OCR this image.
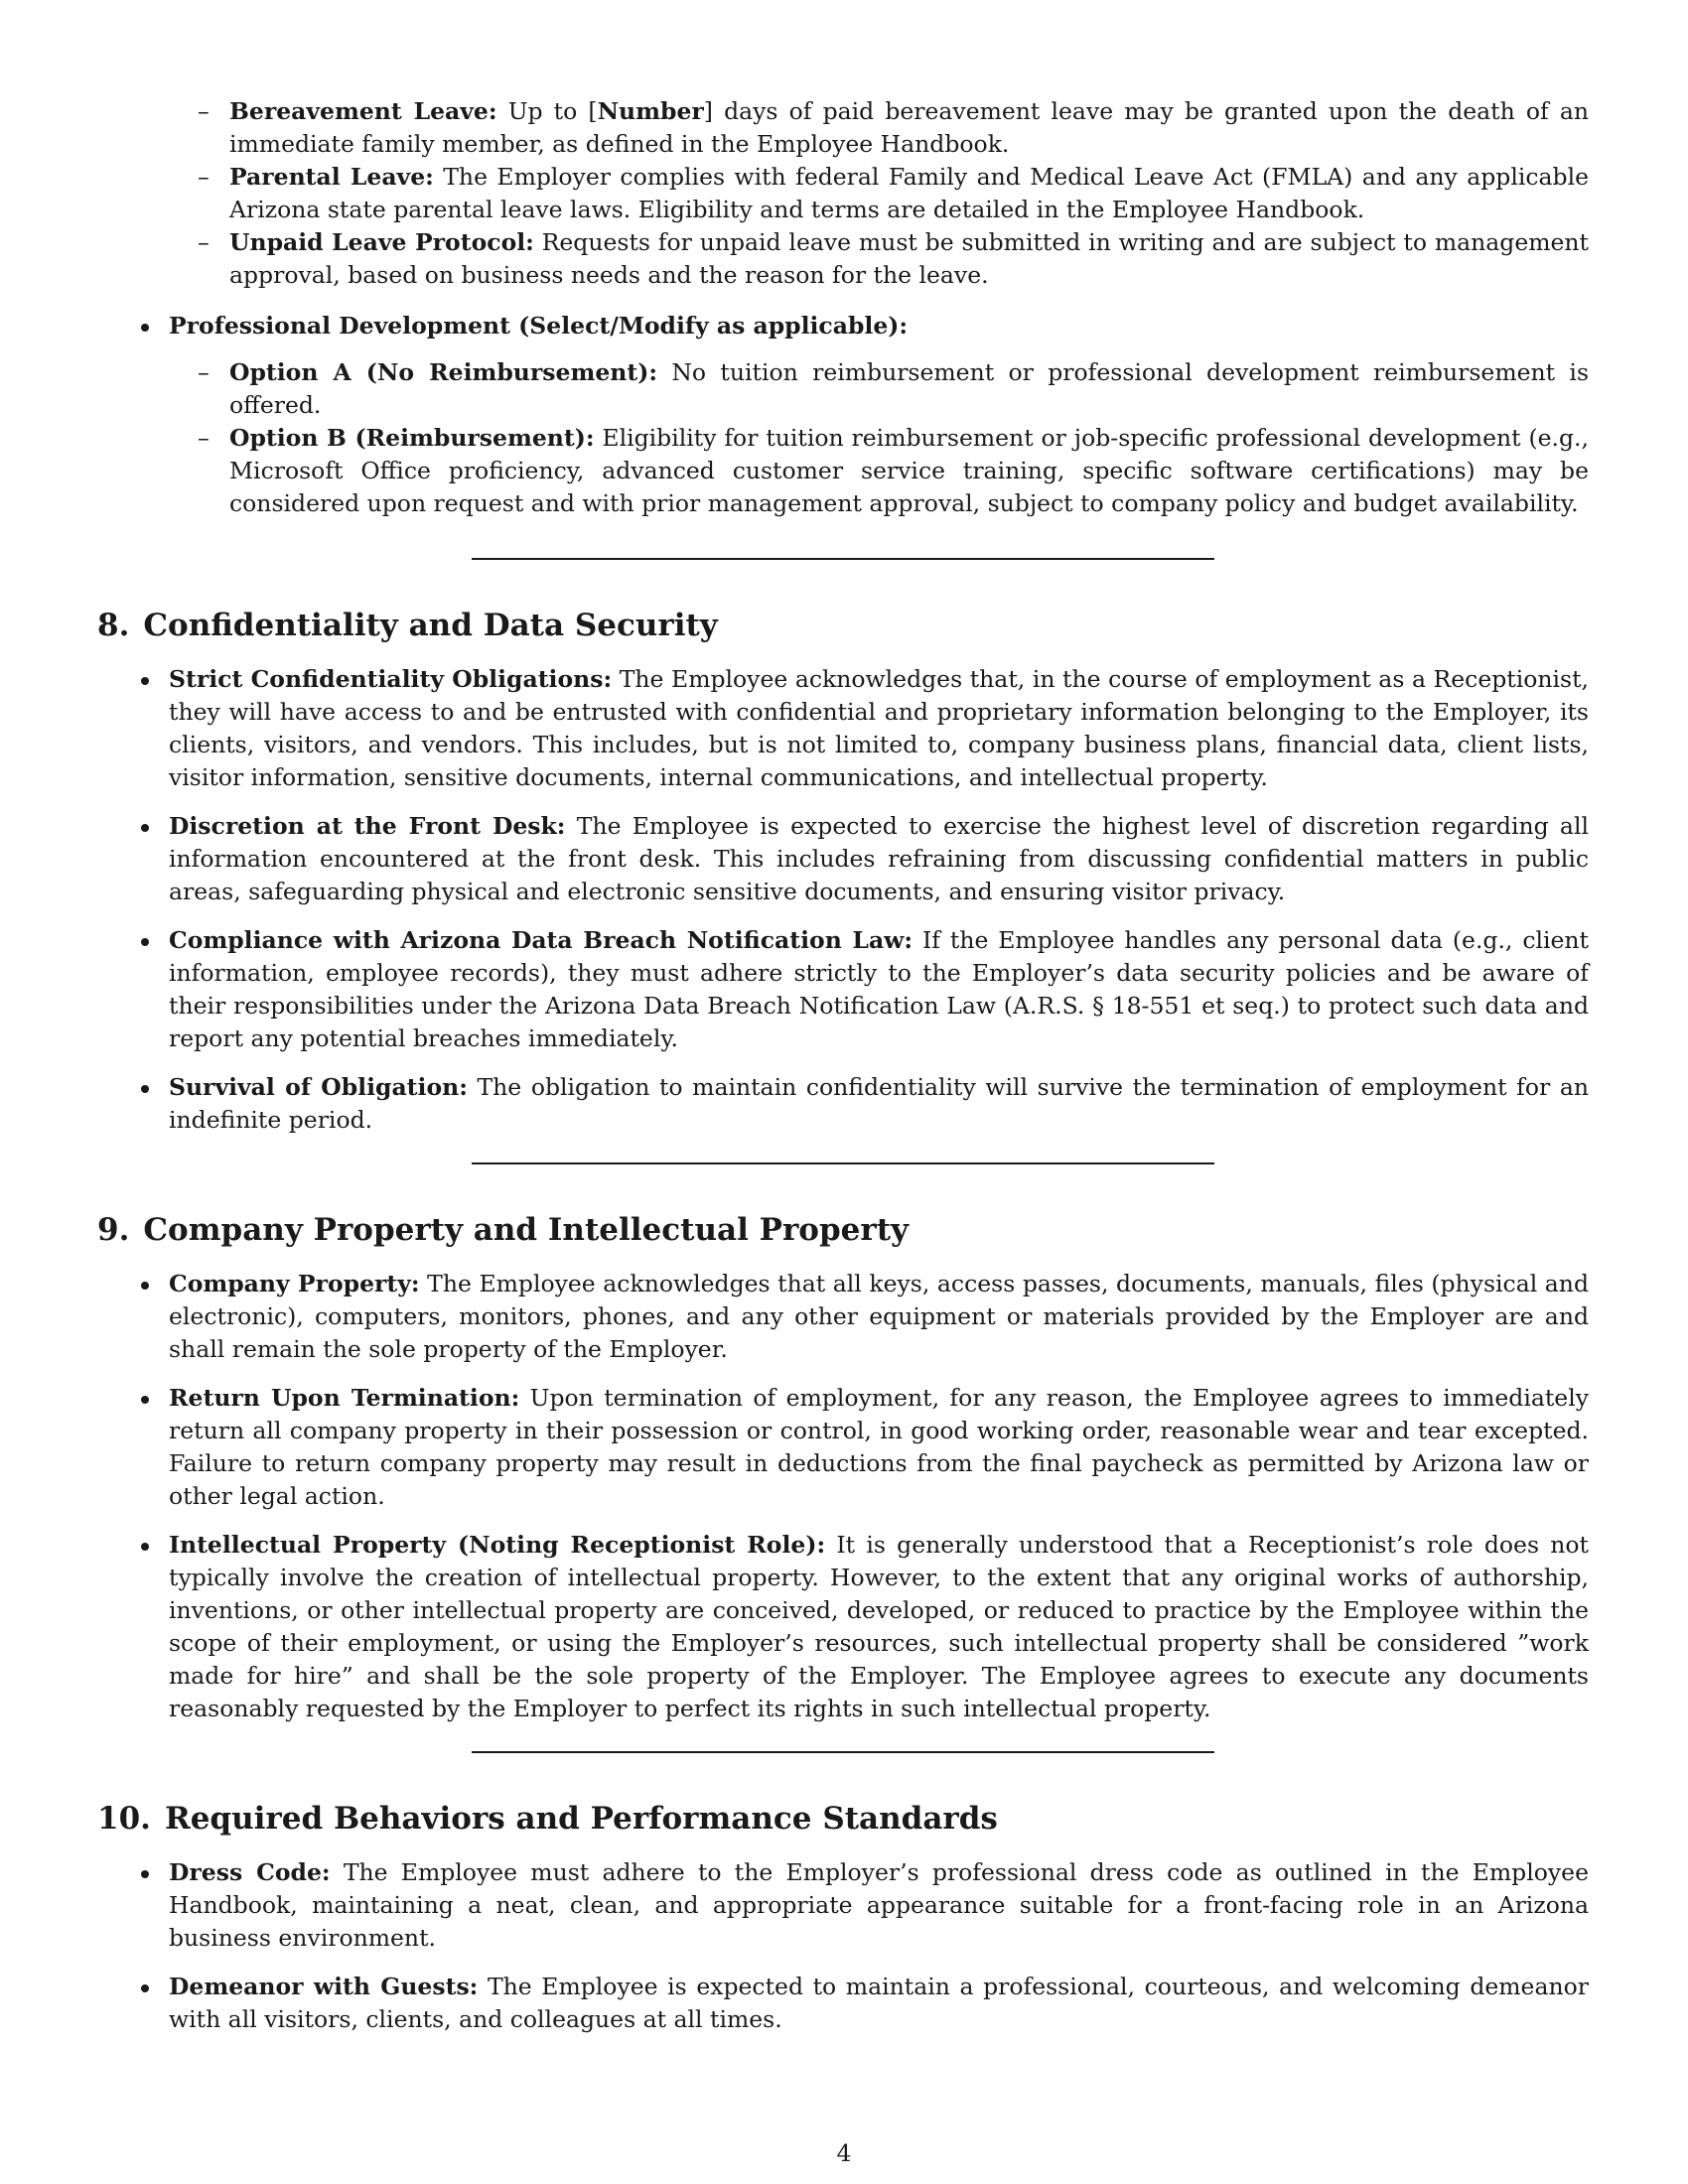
– Bereavement Leave: Up to [Number] days of paid bereavement leave may be granted upon the death of an immediate family member, as defined in the Employee Handbook.
– Parental Leave: The Employer complies with federal Family and Medical Leave Act (FMLA) and any applicable Arizona state parental leave laws. Eligibility and terms are detailed in the Employee Handbook.
– Unpaid Leave Protocol: Requests for unpaid leave must be submitted in writing and are subject to management approval, based on business needs and the reason for the leave.
Professional Development (Select/Modify as applicable):
– Option A (No Reimbursement): No tuition reimbursement or professional development reimbursement is offered.
– Option B (Reimbursement): Eligibility for tuition reimbursement or job-specific professional development (e.g., Microsoft Office proficiency, advanced customer service training, specific software certifications) may be considered upon request and with prior management approval, subject to company policy and budget availability.
8. Confidentiality and Data Security
Strict Confidentiality Obligations: The Employee acknowledges that, in the course of employment as a Receptionist, they will have access to and be entrusted with confidential and proprietary information belonging to the Employer, its clients, visitors, and vendors. This includes, but is not limited to, company business plans, financial data, client lists, visitor information, sensitive documents, internal communications, and intellectual property.
Discretion at the Front Desk: The Employee is expected to exercise the highest level of discretion regarding all information encountered at the front desk. This includes refraining from discussing confidential matters in public areas, safeguarding physical and electronic sensitive documents, and ensuring visitor privacy.
Compliance with Arizona Data Breach Notification Law: If the Employee handles any personal data (e.g., client information, employee records), they must adhere strictly to the Employer’s data security policies and be aware of their responsibilities under the Arizona Data Breach Notification Law (A.R.S. § 18-551 et seq.) to protect such data and report any potential breaches immediately.
Survival of Obligation: The obligation to maintain confidentiality will survive the termination of employment for an indefinite period.
9. Company Property and Intellectual Property
Company Property: The Employee acknowledges that all keys, access passes, documents, manuals, files (physical and electronic), computers, monitors, phones, and any other equipment or materials provided by the Employer are and shall remain the sole property of the Employer.
Return Upon Termination: Upon termination of employment, for any reason, the Employee agrees to immediately return all company property in their possession or control, in good working order, reasonable wear and tear excepted. Failure to return company property may result in deductions from the final paycheck as permitted by Arizona law or other legal action.
Intellectual Property (Noting Receptionist Role): It is generally understood that a Receptionist’s role does not typically involve the creation of intellectual property. However, to the extent that any original works of authorship, inventions, or other intellectual property are conceived, developed, or reduced to practice by the Employee within the scope of their employment, or using the Employer’s resources, such intellectual property shall be considered ”work made for hire” and shall be the sole property of the Employer. The Employee agrees to execute any documents reasonably requested by the Employer to perfect its rights in such intellectual property.
10. Required Behaviors and Performance Standards
Dress Code: The Employee must adhere to the Employer’s professional dress code as outlined in the Employee Handbook, maintaining a neat, clean, and appropriate appearance suitable for a front-facing role in an Arizona business environment.
Demeanor with Guests: The Employee is expected to maintain a professional, courteous, and welcoming demeanor with all visitors, clients, and colleagues at all times.
4
